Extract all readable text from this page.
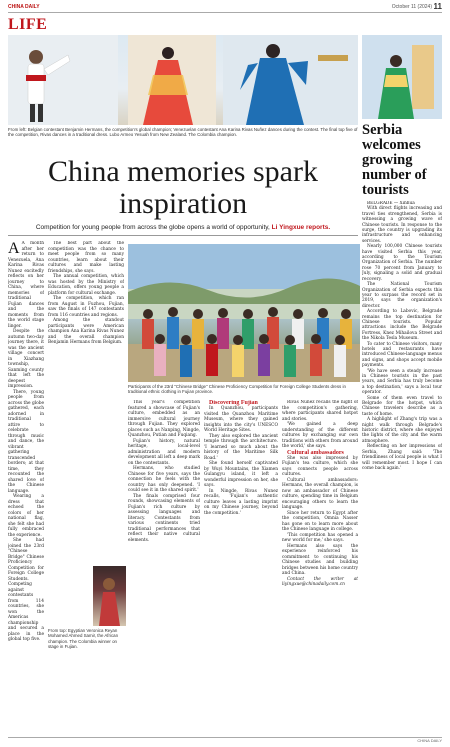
CHINA DAILY	October 11 (2024) 11
LIFE
From left: Belgian contestant Benjamin Hermans, the competition's global champion; Venezuelan contestant Ana Karina Rivas Nuñez dances during the contest. The final top five of the competition, Rivas dances in a traditional dress. Lubo Armeo Yesuah from New Zealand. The Colombia champion.
China memories spark inspiration
Competition for young people from across the globe opens a world of opportunity, Li Yingxue reports.
A A month after her return to Venezuela, Ana Karina Rivas Nunez excitedly reflects on her journey to China, where memories of traditional Fujian dances and the moments from the world stage linger.

Despite the autumn two-day journey there, it was the ancient village concert in Xiazhang township, Sanming county that left the deepest impression.

There, young people from across the globe gathered, each adorned in traditional attire to celebrate through music and dance, the vibrant gathering transcended borders; at that time, they recounted the shared love of the Chinese language.

Wearing a dress that echoed the colors of her national flag, she felt she had fully embraced the experience.

She had joined the 23rd "Chinese Bridge" Chinese Proficiency Competition for Foreign College Students. Competing against contestants from 114 countries, she won the Americas championship and secured a place in the global top five.

The best part about the competition was the chance to meet people from so many countries, learn about their cultures and make lasting friendships, she says.

The annual competition, which was hosted by the Ministry of Education, offers young people a platform for cultural exchange.

The competition, which ran from August in Fuzhou, Fujian, saw the finals of 147 contestants from 116 countries and regions.

Among the standout participants were American champion Ana Karina Rivas Nunez and the overall champion Benjamin Hermans from Belgium.

Participants of the 23rd "Chinese Bridge" Chinese Proficiency Competition for Foreign College Students dress in traditional ethnic clothing in Fujian province.

This year's competition featured a showcase of Fujian's culture, embedded as an immersive cultural journey through Fujian. They explored places such as Nanping, Ningde, Quanzhou, Putian and Fuqiang.

Fujian's history, natural heritage, local-level administration and modern development all left a deep mark on the contestants.

Hermans, who studied Chinese for five years, says the connection he feels with the country has only deepened. 'I could see it in the shared spirit.'

The finals comprised four rounds, showcasing elements of Fujian's rich culture by assessing languages and literacy. Contestants from various continents tried traditional performances that reflect their native cultural elements.

Discovering Fujian

In Quanzhou, participants visited the Quanzhou Maritime Museum, where they gained insights into the city's UNESCO World Heritage Sites.

They also explored the ancient temple through the architecture. 'I learned so much about the history of the Maritime Silk Road.'

She found herself captivated by Wuyi Mountains, the Xiamen Gulangyu island, it left a wonderful impression on her, she says.

In Ningde, Rivas Nunez recalls, 'Fujian's authentic culture leaves a lasting imprint on my Chinese journey, beyond the competition.'

Rivas Nunez recalls the night of the competition's gathering, where participants shared hotpot and stories.

'We gained a deep understanding of the different cultures by exchanging our own traditions with others from around the world,' she says.

Cultural ambassadors

She was also impressed by Fujian's tea culture, which she says connects people across cultures.

Cultural ambassadors: Hermans, the overall champion, is now an ambassador of Chinese culture, spending time in Belgium encouraging others to learn the language.

Since her return to Egypt after the competition, Omnia Nasser has gone on to learn more about the Chinese language in college.

'This competition has opened a new world for me,' she says.

Hermans also says the experience reinforced his commitment to continuing his Chinese studies and building bridges between his home country and China.

Contact the writer at liyingxue@chinadaily.com.cn

From top: Egyptian Veronica Reyan Mohamed Ahmed Samir, the African champion. The Colombia winner on stage in Fujian.
Serbia welcomes growing number of tourists

BELGRADE — Xinhua

With direct flights increasing and travel ties strengthened, Serbia is witnessing a growing wave of Chinese tourists. In response to the surge, the country is upgrading its infrastructure and enhancing services.

Nearly 100,000 Chinese tourists have visited Serbia this year, according to the Tourism Organization of Serbia. The number rose 70 percent from January to July, signaling a solid and gradual recovery.

The National Tourism Organization of Serbia expects this year to surpass the record set in 2019, says the organization's director.

According to Labovic, Belgrade remains the top destination for Chinese tourists. Popular attractions include the Belgrade Fortress, Knez Mihailova Street and the Nikola Tesla Museum.

To cater to Chinese visitors, many hotels and restaurants have introduced Chinese-language menus and signs, and shops accept mobile payments.

'We have seen a steady increase in Chinese tourists in the past years, and Serbia has truly become a top destination,' says a local tour operator.

Some of them even travel to Belgrade for the hotpot, which Chinese travelers describe as a taste of home.

A highlight of Zhang's trip was a night walk through Belgrade's historic district, where she enjoyed the lights of the city and the warm atmosphere.

Reflecting on her impressions of Serbia, Zhang said: 'The friendliness of local people is what I will remember most. I hope I can come back again.'

CHINA DAILY
